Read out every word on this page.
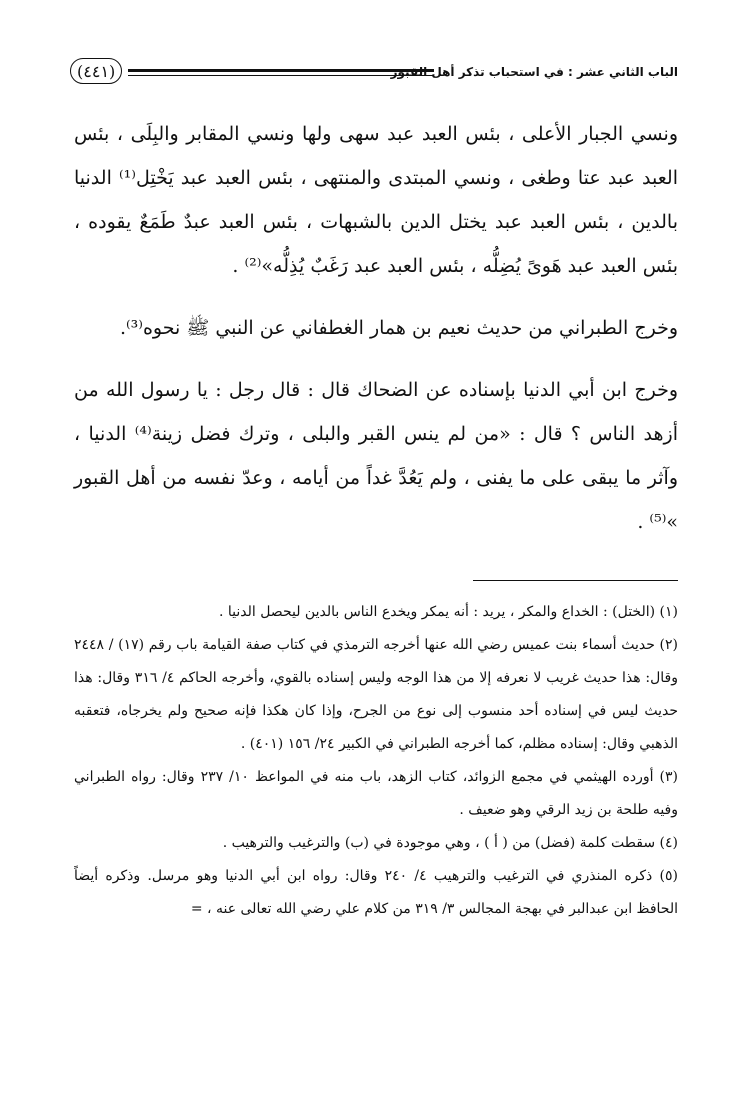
(٤٤١)	الباب الثاني عشر : في استحباب تذكر أهل القبور

ونسي الجبار الأعلى ، بئس العبد عبد سهى ولها ونسي المقابر والبِلَى ، بئس العبد عبد عتا وطغى ، ونسي المبتدى والمنتهى ، بئس العبد عبد يَخْتِل⁽¹⁾ الدنيا بالدين ، بئس العبد عبد يختل الدين بالشبهات ، بئس العبد عبدٌ طَمَعٌ يقوده ، بئس العبد عبد هَوىً يُضِلُّه ، بئس العبد عبد رَغَبٌ يُذِلُّه»⁽²⁾ .

وخرج الطبراني من حديث نعيم بن همار الغطفاني عن النبي ﷺ نحوه⁽³⁾.

وخرج ابن أبي الدنيا بإسناده عن الضحاك قال : قال رجل : يا رسول الله من أزهد الناس ؟ قال : «من لم ينس القبر والبلى ، وترك فضل زينة⁽⁴⁾ الدنيا ، وآثر ما يبقى على ما يفنى ، ولم يَعُدَّ غداً من أيامه ، وعدّ نفسه من أهل القبور »⁽⁵⁾ .

(١) (الختل) : الخداع والمكر ، يريد : أنه يمكر ويخدع الناس بالدين ليحصل الدنيا .

(٢) حديث أسماء بنت عميس رضي الله عنها أخرجه الترمذي في كتاب صفة القيامة باب رقم (١٧) / ٢٤٤٨ وقال: هذا حديث غريب لا نعرفه إلا من هذا الوجه وليس إسناده بالقوي، وأخرجه الحاكم ٤/ ٣١٦ وقال: هذا حديث ليس في إسناده أحد منسوب إلى نوع من الجرح، وإذا كان هكذا فإنه صحيح ولم يخرجاه، فتعقبه الذهبي وقال: إسناده مظلم، كما أخرجه الطبراني في الكبير ٢٤/ ١٥٦ (٤٠١) .

(٣) أورده الهيثمي في مجمع الزوائد، كتاب الزهد، باب منه في المواعظ ١٠/ ٢٣٧ وقال: رواه الطبراني وفيه طلحة بن زيد الرقي وهو ضعيف .

(٤) سقطت كلمة (فضل) من ( أ ) ، وهي موجودة في (ب) والترغيب والترهيب .

(٥) ذكره المنذري في الترغيب والترهيب ٤/ ٢٤٠ وقال: رواه ابن أبي الدنيا وهو مرسل. وذكره أيضاً الحافظ ابن عبدالبر في بهجة المجالس ٣/ ٣١٩ من كلام علي رضي الله تعالى عنه ، =
